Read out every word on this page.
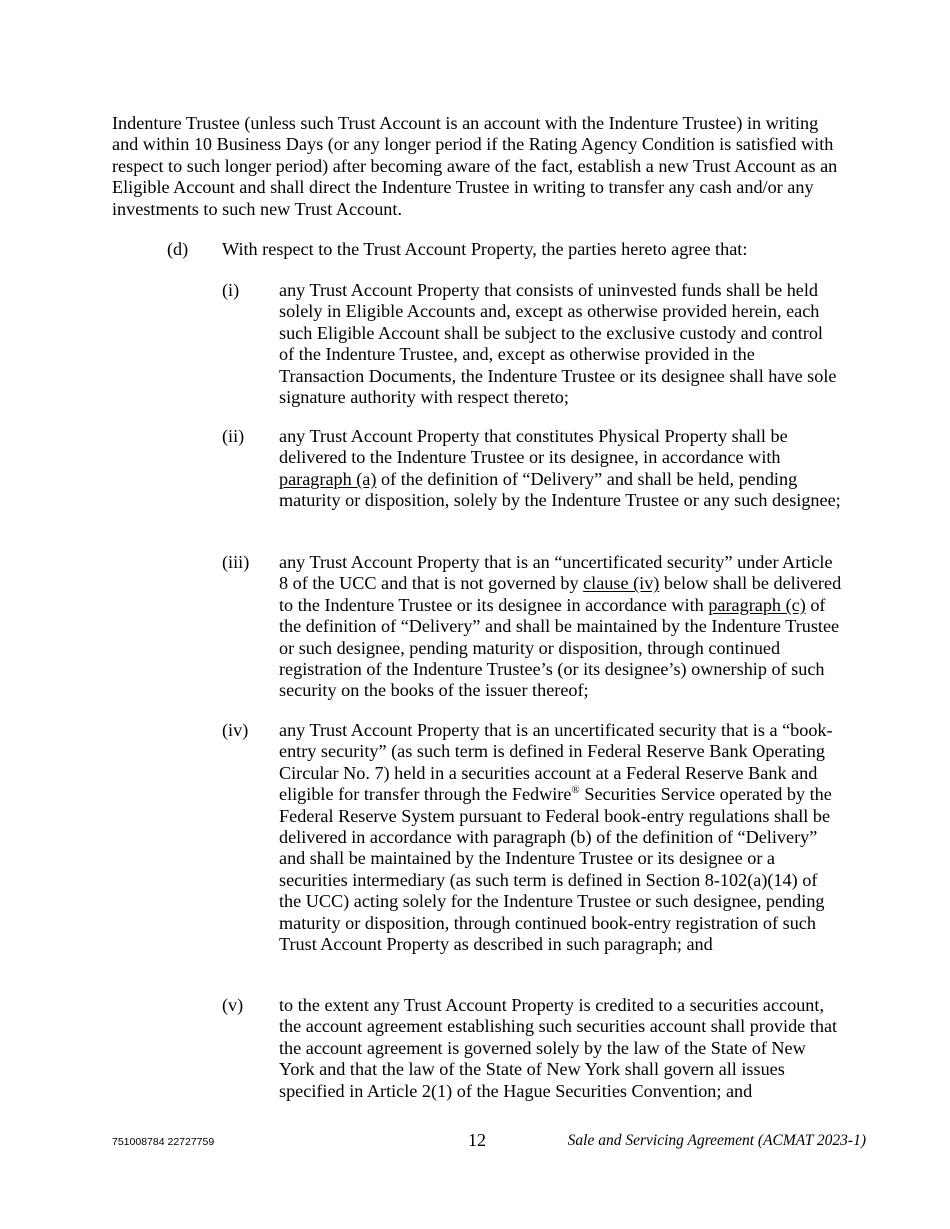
Indenture Trustee (unless such Trust Account is an account with the Indenture Trustee) in writing and within 10 Business Days (or any longer period if the Rating Agency Condition is satisfied with respect to such longer period) after becoming aware of the fact, establish a new Trust Account as an Eligible Account and shall direct the Indenture Trustee in writing to transfer any cash and/or any investments to such new Trust Account.

(d) With respect to the Trust Account Property, the parties hereto agree that:
(i) any Trust Account Property that consists of uninvested funds shall be held solely in Eligible Accounts and, except as otherwise provided herein, each such Eligible Account shall be subject to the exclusive custody and control of the Indenture Trustee, and, except as otherwise provided in the Transaction Documents, the Indenture Trustee or its designee shall have sole signature authority with respect thereto;

(ii) any Trust Account Property that constitutes Physical Property shall be delivered to the Indenture Trustee or its designee, in accordance with paragraph (a) of the definition of “Delivery” and shall be held, pending maturity or disposition, solely by the Indenture Trustee or any such designee;

(iii) any Trust Account Property that is an “uncertificated security” under Article 8 of the UCC and that is not governed by clause (iv) below shall be delivered to the Indenture Trustee or its designee in accordance with paragraph (c) of the definition of “Delivery” and shall be maintained by the Indenture Trustee or such designee, pending maturity or disposition, through continued registration of the Indenture Trustee’s (or its designee’s) ownership of such security on the books of the issuer thereof;

(iv) any Trust Account Property that is an uncertificated security that is a “book-entry security” (as such term is defined in Federal Reserve Bank Operating Circular No. 7) held in a securities account at a Federal Reserve Bank and eligible for transfer through the Fedwire® Securities Service operated by the Federal Reserve System pursuant to Federal book-entry regulations shall be delivered in accordance with paragraph (b) of the definition of “Delivery” and shall be maintained by the Indenture Trustee or its designee or a securities intermediary (as such term is defined in Section 8-102(a)(14) of the UCC) acting solely for the Indenture Trustee or such designee, pending maturity or disposition, through continued book-entry registration of such Trust Account Property as described in such paragraph; and

(v) to the extent any Trust Account Property is credited to a securities account, the account agreement establishing such securities account shall provide that the account agreement is governed solely by the law of the State of New York and that the law of the State of New York shall govern all issues specified in Article 2(1) of the Hague Securities Convention; and

751008784 22727759	12	Sale and Servicing Agreement (ACMAT 2023-1)
